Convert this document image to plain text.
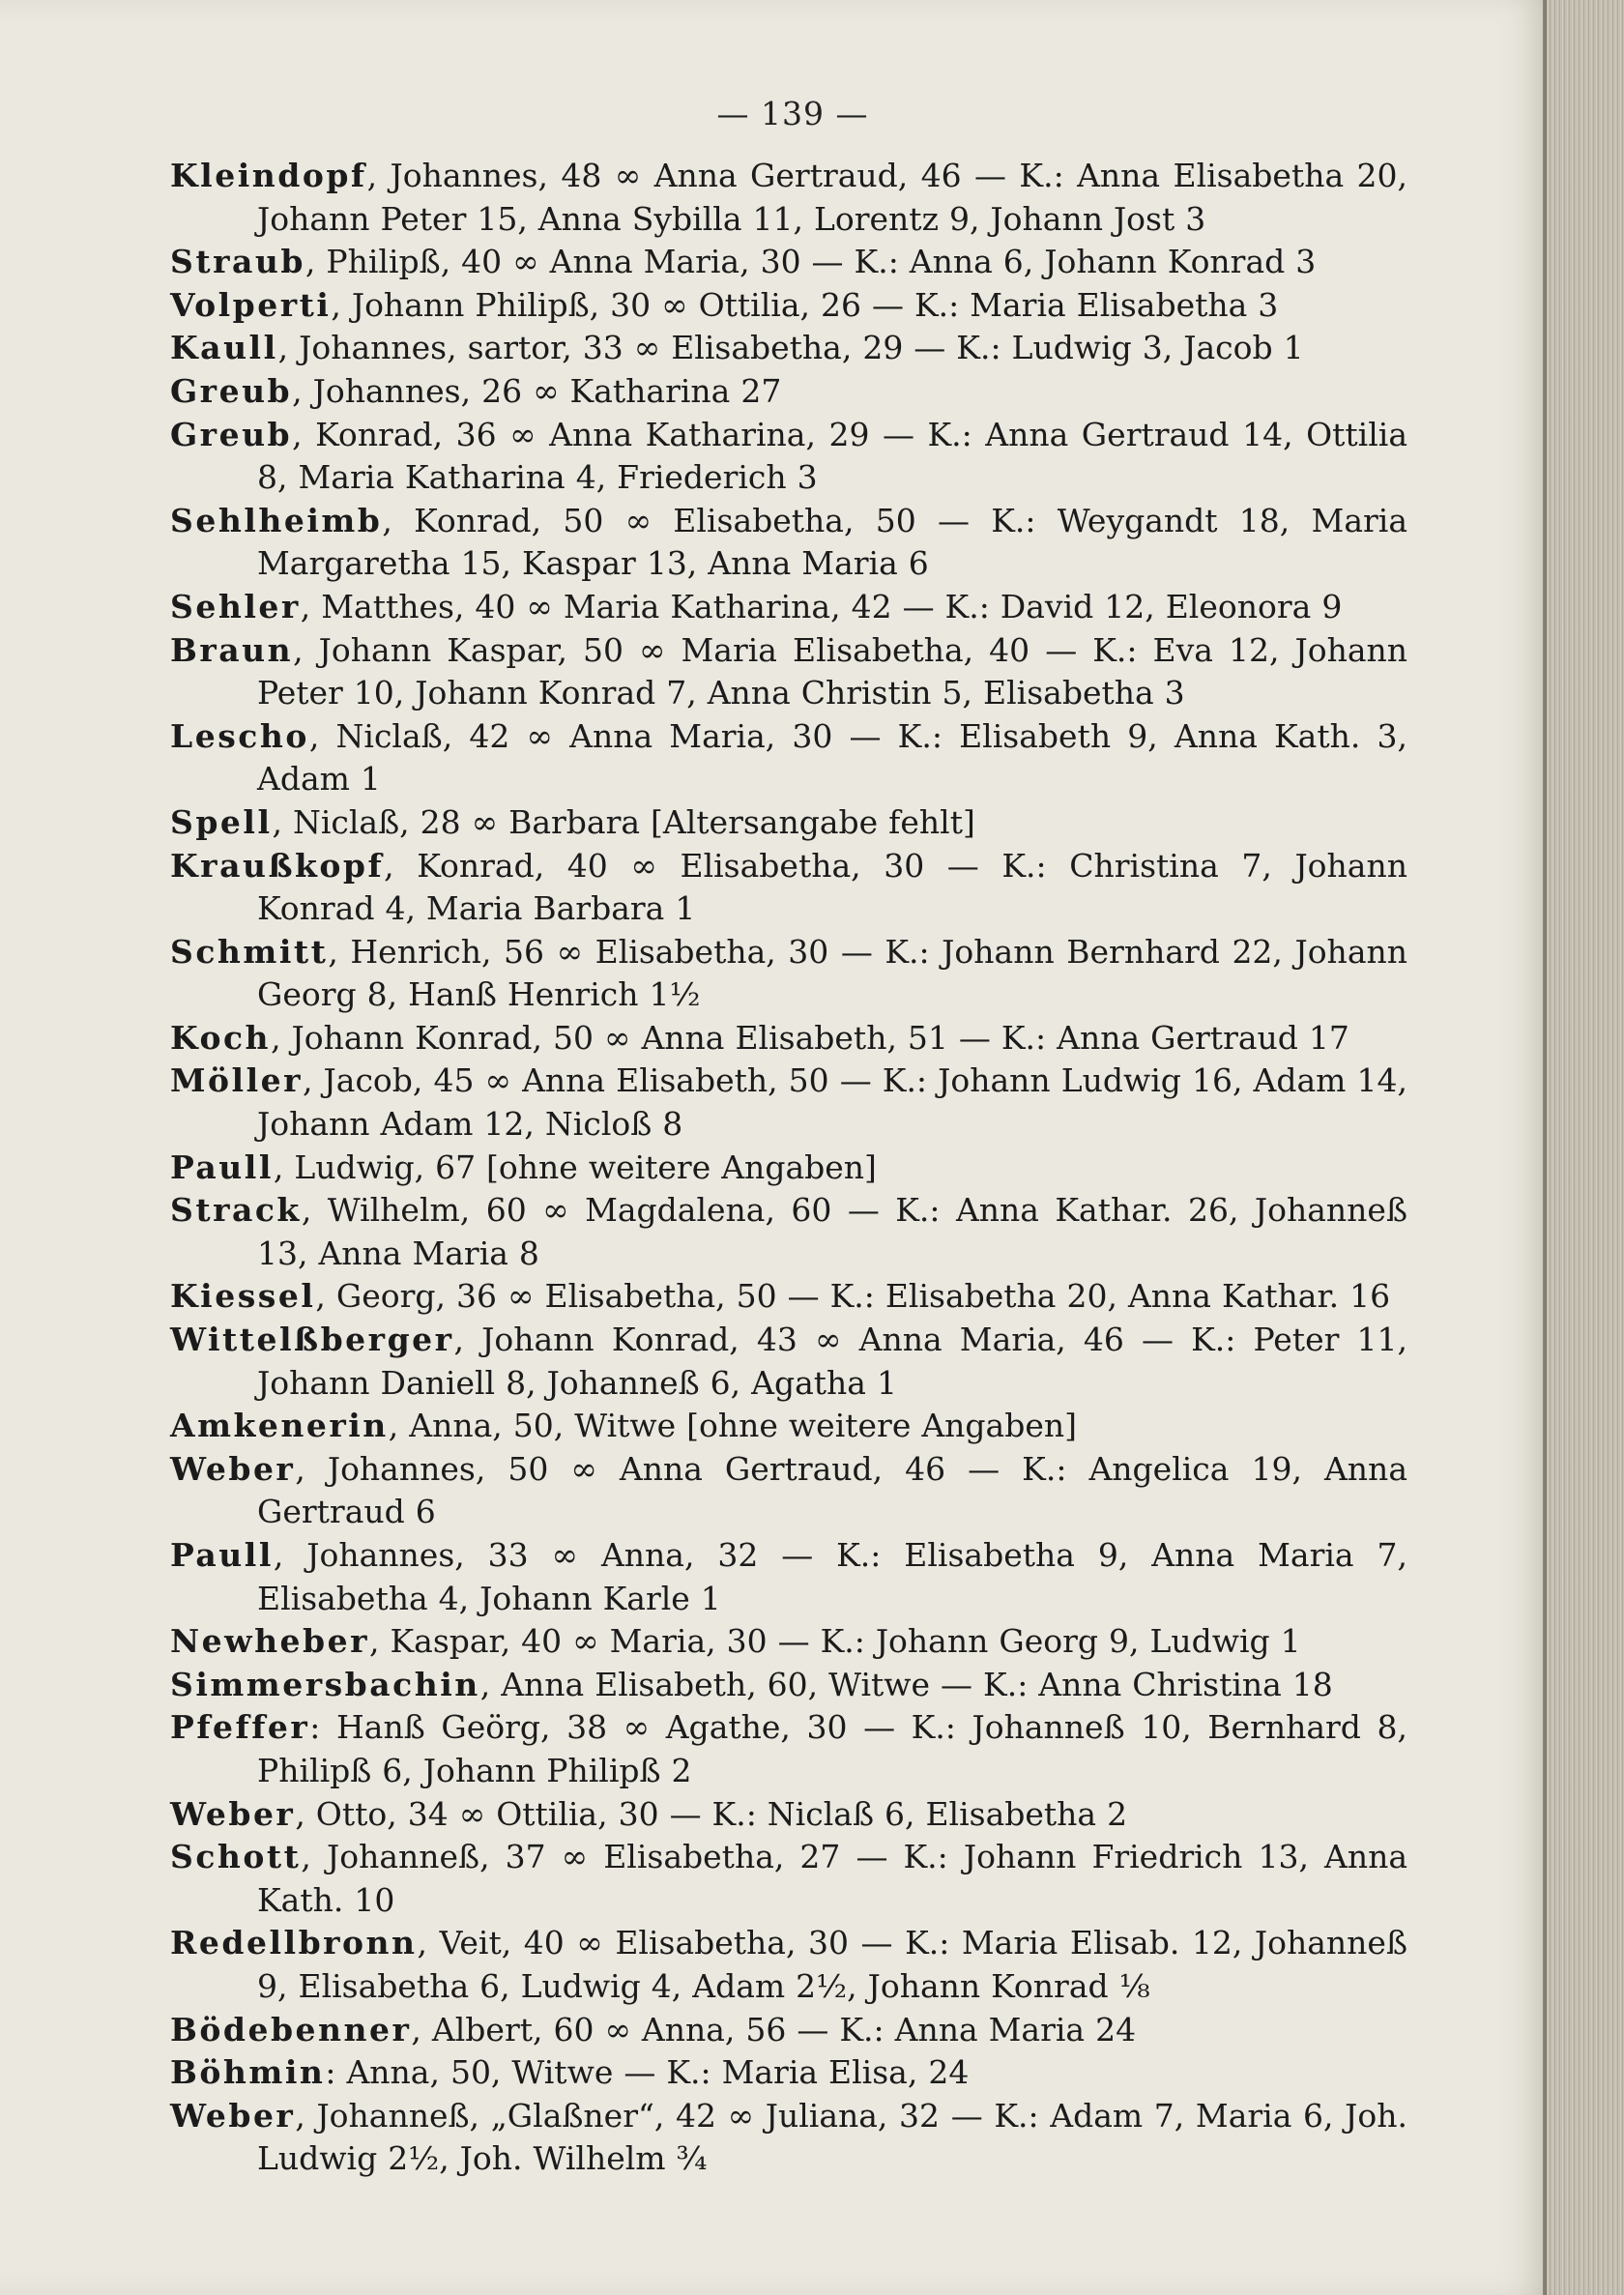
— 139 —
Kleindopf, Johannes, 48 ∞ Anna Gertraud, 46 — K.: Anna Elisabetha 20, Johann Peter 15, Anna Sybilla 11, Lorentz 9, Johann Jost 3
Straub, Philipß, 40 ∞ Anna Maria, 30 — K.: Anna 6, Johann Konrad 3
Volperti, Johann Philipß, 30 ∞ Ottilia, 26 — K.: Maria Elisabetha 3
Kaull, Johannes, sartor, 33 ∞ Elisabetha, 29 — K.: Ludwig 3, Jacob 1
Greub, Johannes, 26 ∞ Katharina 27
Greub, Konrad, 36 ∞ Anna Katharina, 29 — K.: Anna Gertraud 14, Ottilia 8, Maria Katharina 4, Friederich 3
Sehlheimb, Konrad, 50 ∞ Elisabetha, 50 — K.: Weygandt 18, Maria Margaretha 15, Kaspar 13, Anna Maria 6
Sehler, Matthes, 40 ∞ Maria Katharina, 42 — K.: David 12, Eleonora 9
Braun, Johann Kaspar, 50 ∞ Maria Elisabetha, 40 — K.: Eva 12, Johann Peter 10, Johann Konrad 7, Anna Christin 5, Elisabetha 3
Lescho, Niclaß, 42 ∞ Anna Maria, 30 — K.: Elisabeth 9, Anna Kath. 3, Adam 1
Spell, Niclaß, 28 ∞ Barbara [Altersangabe fehlt]
Kraußkopf, Konrad, 40 ∞ Elisabetha, 30 — K.: Christina 7, Johann Konrad 4, Maria Barbara 1
Schmitt, Henrich, 56 ∞ Elisabetha, 30 — K.: Johann Bernhard 22, Johann Georg 8, Hanß Henrich 1½
Koch, Johann Konrad, 50 ∞ Anna Elisabeth, 51 — K.: Anna Gertraud 17
Möller, Jacob, 45 ∞ Anna Elisabeth, 50 — K.: Johann Ludwig 16, Adam 14, Johann Adam 12, Nicloß 8
Paull, Ludwig, 67 [ohne weitere Angaben]
Strack, Wilhelm, 60 ∞ Magdalena, 60 — K.: Anna Kathar. 26, Johanneß 13, Anna Maria 8
Kiessel, Georg, 36 ∞ Elisabetha, 50 — K.: Elisabetha 20, Anna Kathar. 16
Wittelßberger, Johann Konrad, 43 ∞ Anna Maria, 46 — K.: Peter 11, Johann Daniell 8, Johanneß 6, Agatha 1
Amkenerin, Anna, 50, Witwe [ohne weitere Angaben]
Weber, Johannes, 50 ∞ Anna Gertraud, 46 — K.: Angelica 19, Anna Gertraud 6
Paull, Johannes, 33 ∞ Anna, 32 — K.: Elisabetha 9, Anna Maria 7, Elisabetha 4, Johann Karle 1
Newheber, Kaspar, 40 ∞ Maria, 30 — K.: Johann Georg 9, Ludwig 1
Simmersbachin, Anna Elisabeth, 60, Witwe — K.: Anna Christina 18
Pfeffer: Hanß Geörg, 38 ∞ Agathe, 30 — K.: Johanneß 10, Bernhard 8, Philipß 6, Johann Philipß 2
Weber, Otto, 34 ∞ Ottilia, 30 — K.: Niclaß 6, Elisabetha 2
Schott, Johanneß, 37 ∞ Elisabetha, 27 — K.: Johann Friedrich 13, Anna Kath. 10
Redellbronn, Veit, 40 ∞ Elisabetha, 30 — K.: Maria Elisab. 12, Johanneß 9, Elisabetha 6, Ludwig 4, Adam 2½, Johann Konrad ⅛
Bödebenner, Albert, 60 ∞ Anna, 56 — K.: Anna Maria 24
Böhmin: Anna, 50, Witwe — K.: Maria Elisa, 24
Weber, Johanneß, „Glaßner“, 42 ∞ Juliana, 32 — K.: Adam 7, Maria 6, Joh. Ludwig 2½, Joh. Wilhelm ¾
